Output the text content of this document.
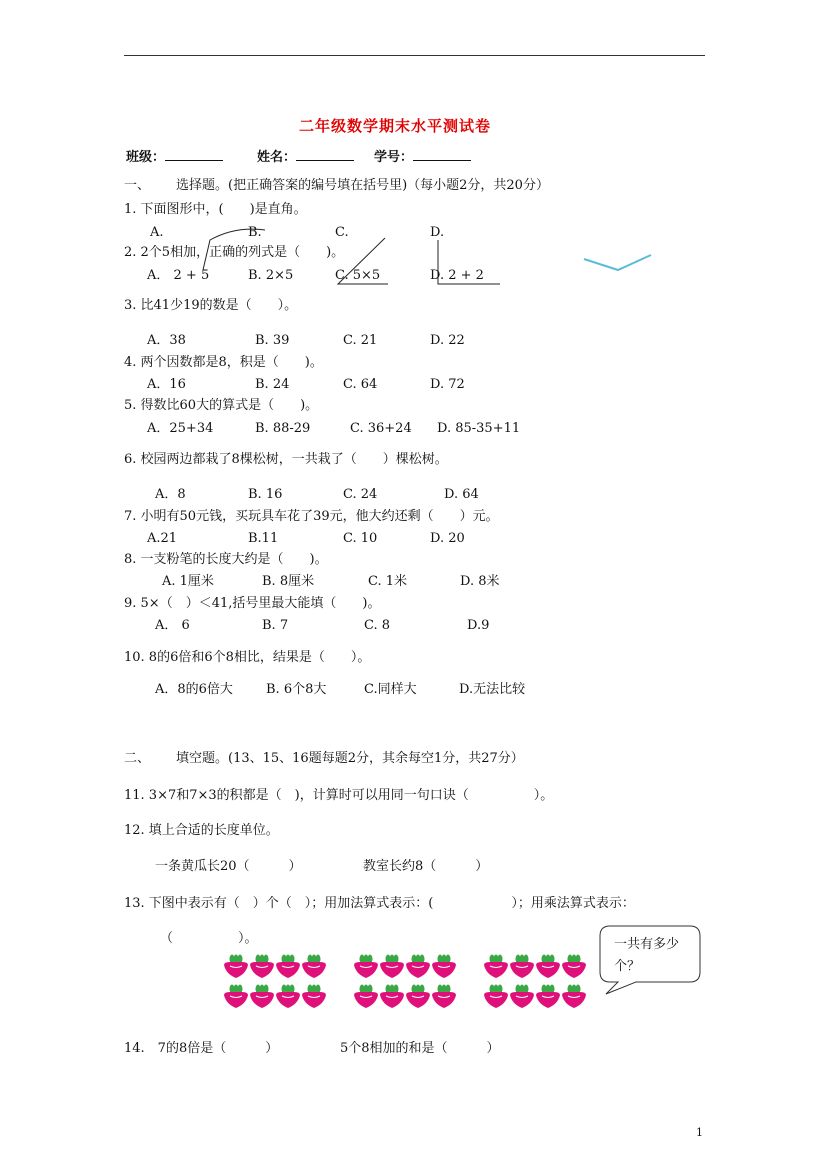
二年级数学期末水平测试卷
班级：	姓名：	学号：
一、 选择题。(把正确答案的编号填在括号里)（每小题2分，共20分）
1. 下面图形中，(　　)是直角。
A.	B.	C.	D.
2. 2个5相加，正确的列式是（　　)。
A． 2 + 5	B. 2×5	C. 5×5	D. 2 + 2
3. 比41少19的数是（　　）。
A．38	B. 39	C. 21	D. 22
4. 两个因数都是8，积是（　　)。
A．16	B. 24	C. 64	D. 72
5. 得数比60大的算式是（　　)。
A．25+34	B. 88-29	C. 36+24 D. 85-35+11
6. 校园两边都栽了8棵松树，一共栽了（　　）棵松树。
A．8	B. 16	C. 24	D. 64
7. 小明有50元钱，买玩具车花了39元，他大约还剩（　　）元。
A.21	B.11	C. 10	D. 20
8. 一支粉笔的长度大约是（　　)。
A. 1厘米	B. 8厘米	C. 1米	D. 8米
9. 5×（　）＜41,括号里最大能填（　　)。
A． 6	B. 7	C. 8	D.9
10. 8的6倍和6个8相比，结果是（　　）。
A．8的6倍大	B. 6个8大	C.同样大	D.无法比较
二、 填空题。(13、15、16题每题2分，其余每空1分，共27分）
11. 3×7和7×3的积都是（　)，计算时可以用同一句口诀（　　　　　）。
12. 填上合适的长度单位。
一条黄瓜长20（　　　）	教室长约8（　　　）
13. 下图中表示有（　）个（　）；用加法算式表示：(　　　　　　）；用乘法算式表示：
（　　　　　）。	一共有多少
个？
14.　7的8倍是（　　　）	5个8相加的和是（　　　）
1
